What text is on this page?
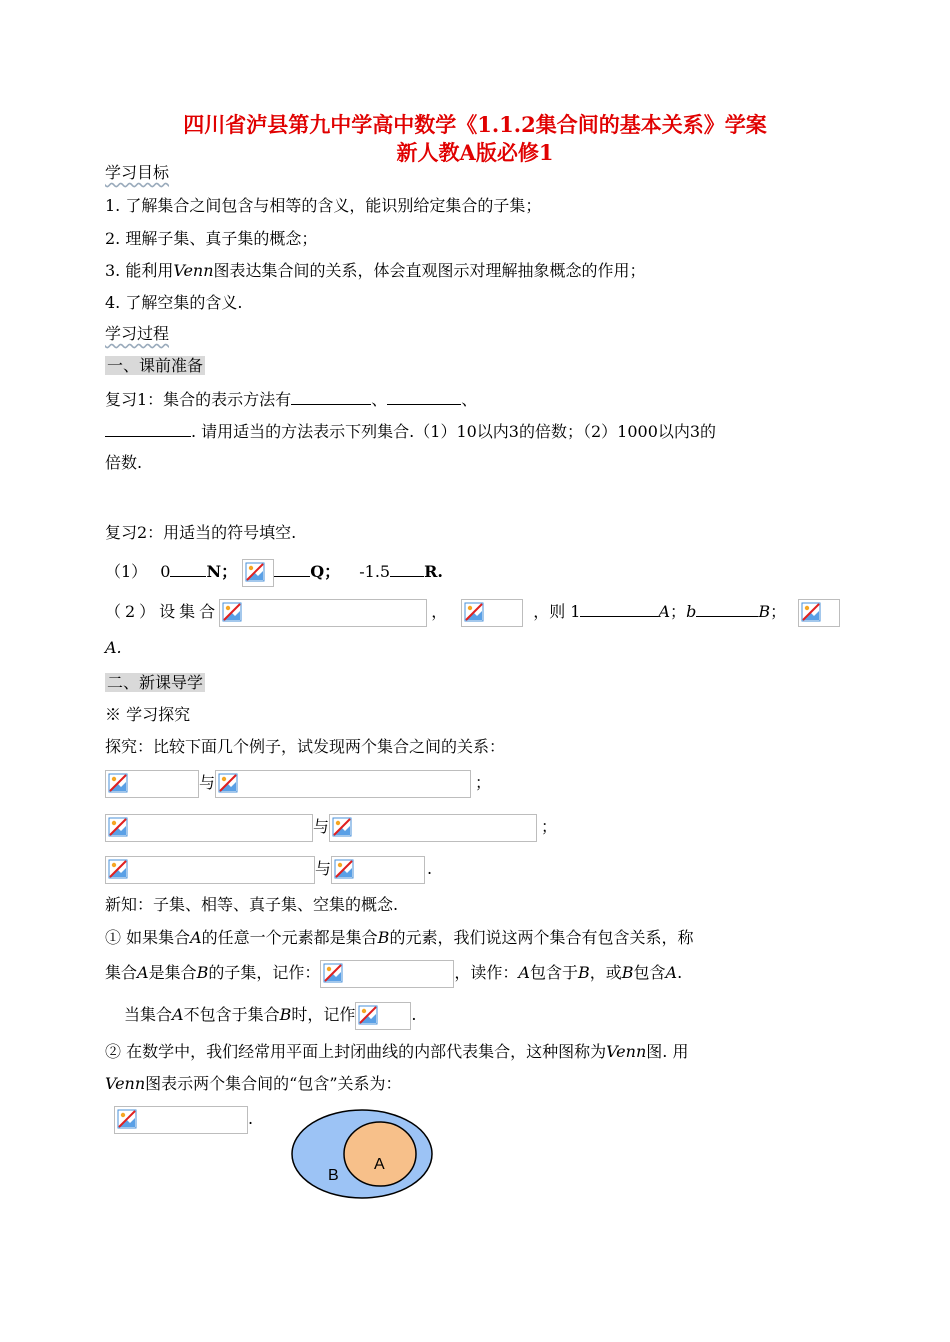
四川省泸县第九中学高中数学《1.1.2集合间的基本关系》学案
新人教A版必修1
学习目标
1. 了解集合之间包含与相等的含义，能识别给定集合的子集；
2. 理解子集、真子集的概念；
3. 能利用Venn图表达集合间的关系，体会直观图示对理解抽象概念的作用；
4. 了解空集的含义.
学习过程
一、课前准备
复习1：集合的表示方法有	、	、
. 请用适当的方法表示下列集合.（1）10以内3的倍数；（2）1000以内3的
倍数.
复习2：用适当的符号填空.
（1） 0 N；	Q； -1.5 R.
（2）设集合	，	，则 1	A；b	B；
A.
二、新课导学
※ 学习探究
探究：比较下面几个例子，试发现两个集合之间的关系：
与	；
与	；
与	.
新知：子集、相等、真子集、空集的概念.
① 如果集合A的任意一个元素都是集合B的元素，我们说这两个集合有包含关系，称
集合A是集合B的子集，记作：	，读作：A包含于B，或B包含A.
当集合A不包含于集合B时，记作	.
② 在数学中，我们经常用平面上封闭曲线的内部代表集合，这种图称为Venn图. 用
Venn图表示两个集合间的“包含”关系为：
.
A
B
